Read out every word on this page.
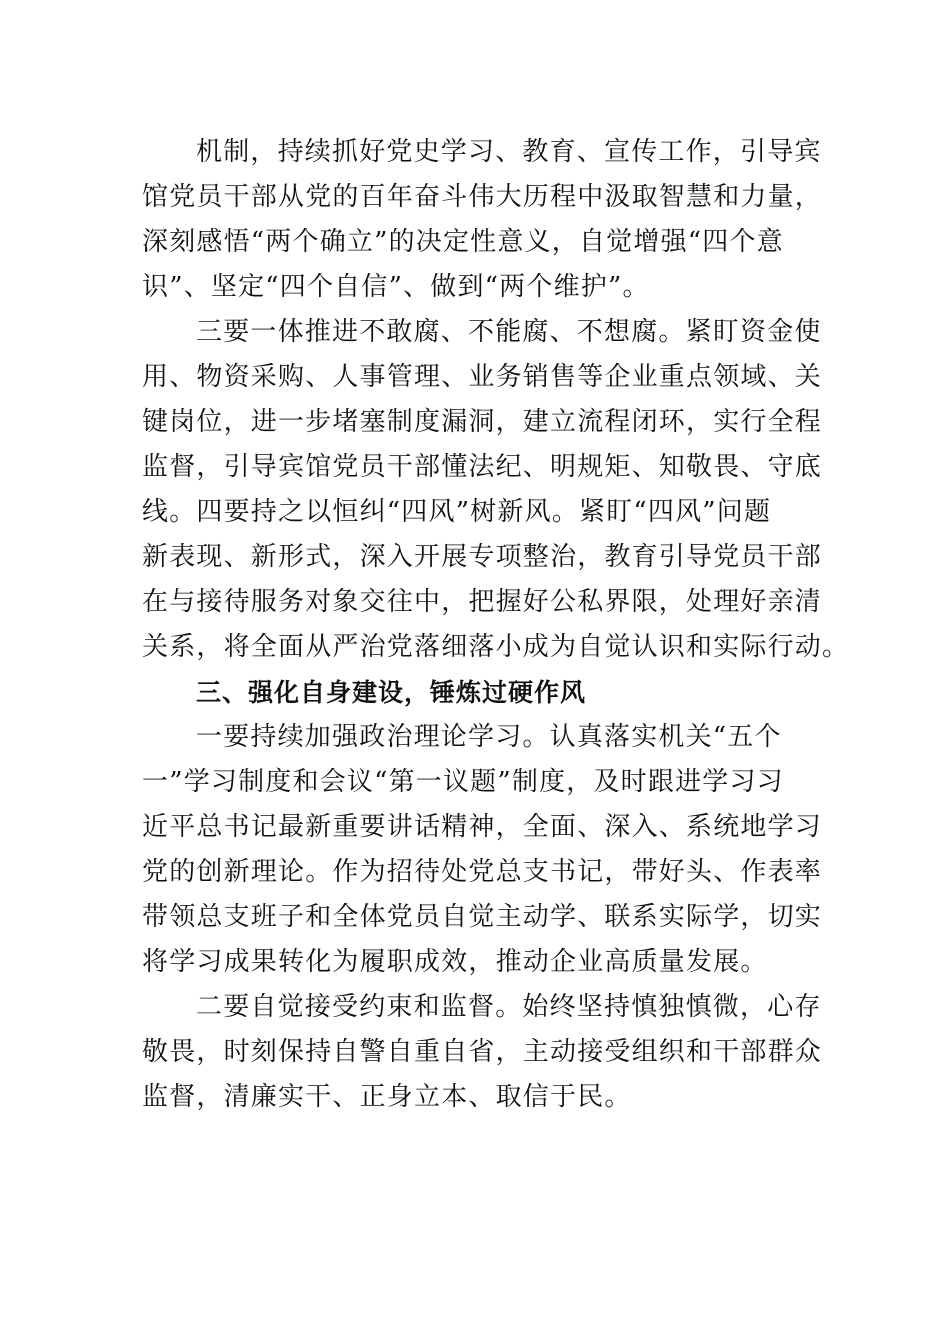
机制，持续抓好党史学习、教育、宣传工作，引导宾
馆党员干部从党的百年奋斗伟大历程中汲取智慧和力量，
深刻感悟“两个确立”的决定性意义，自觉增强“四个意
识”、坚定“四个自信”、做到“两个维护”。
三要一体推进不敢腐、不能腐、不想腐。紧盯资金使
用、物资采购、人事管理、业务销售等企业重点领域、关
键岗位，进一步堵塞制度漏洞，建立流程闭环，实行全程
监督，引导宾馆党员干部懂法纪、明规矩、知敬畏、守底
线。四要持之以恒纠“四风”树新风。紧盯“四风”问题
新表现、新形式，深入开展专项整治，教育引导党员干部
在与接待服务对象交往中，把握好公私界限，处理好亲清
关系，将全面从严治党落细落小成为自觉认识和实际行动。
三、强化自身建设，锤炼过硬作风
一要持续加强政治理论学习。认真落实机关“五个
一”学习制度和会议“第一议题”制度，及时跟进学习习
近平总书记最新重要讲话精神，全面、深入、系统地学习
党的创新理论。作为招待处党总支书记，带好头、作表率
带领总支班子和全体党员自觉主动学、联系实际学，切实
将学习成果转化为履职成效，推动企业高质量发展。
二要自觉接受约束和监督。始终坚持慎独慎微，心存
敬畏，时刻保持自警自重自省，主动接受组织和干部群众
监督，清廉实干、正身立本、取信于民。
